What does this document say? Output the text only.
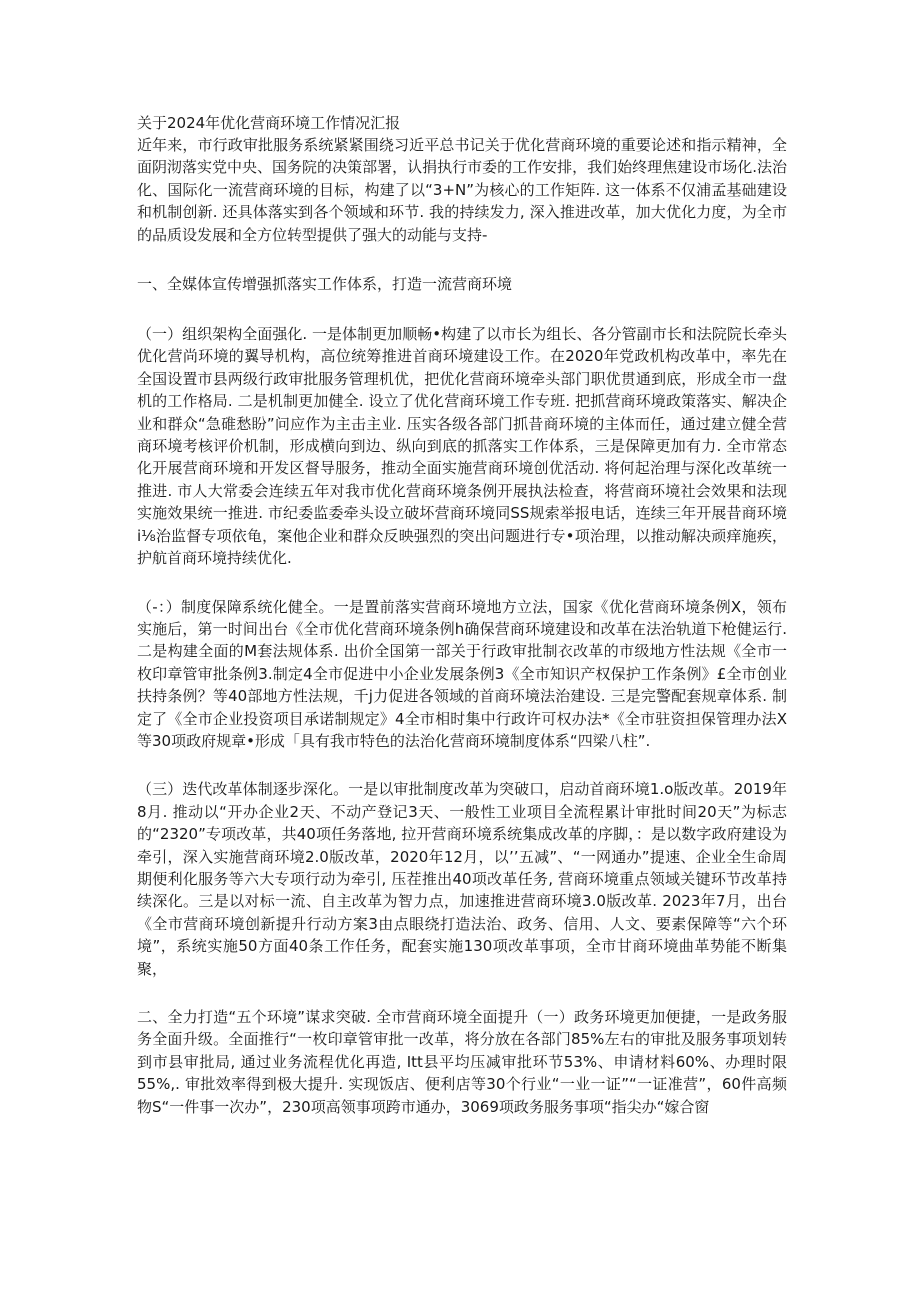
关于2024年优化营商环境工作情况汇报

近年来，市行政审批服务系统紧紧围绕习近平总书记关于优化营商环境的重要论述和指示精神，全面阴沏落实党中央、国务院的决策部署，认捐执行市委的工作安排，我们始终理焦建设市场化.法治化、国际化一流营商环境的目标，构建了以“3+N”为核心的工作矩阵. 这一体系不仅浦孟基础建设和机制创新. 还具体落实到各个领域和环节. 我的持续发力, 深入推进改革，加大优化力度，为全市的品质设发展和全方位转型提供了强大的动能与支持-

一、全媒体宣传增强抓落实工作体系，打造一流营商环境

（一）组织架构全面强化. 一是体制更加顺畅•构建了以市长为组长、各分管副市长和法院院长牵头优化营尚环境的翼导机构，高位统筹推进首商环境建设工作。在2020年党政机构改革中，率先在全国设置市县两级行政审批服务管理机优，把优化营商环境牵头部门职优贯通到底，形成全市一盘机的工作格局. 二是机制更加健全. 设立了优化营商环境工作专班. 把抓营商环境政策落实、解决企业和群众“急碓愁盼”问应作为主击主业. 压实各级各部门抓昔商环境的主体而任，通过建立健全营商环境考核评价机制，形成横向到边、纵向到底的抓落实工作体系，三是保障更加有力. 全市常态化开展营商环境和开发区督导服务，推动全面实施营商环境创优活动. 将何起治理与深化改革统一推进. 市人大常委会连续五年对我市优化营商环境条例开展执法检查，将营商环境社会效果和法现实施效果统一推进. 市纪委监委牵头设立破坏营商环境同SS规索举报电话，连续三年开展昔商环境i⅛治监督专项依龟，案他企业和群众反映强烈的突出问题进行专•项治理，以推动解决顽痒施疾，护航首商环境持续优化.

（-：）制度保障系统化健全。一是置前落实营商环境地方立法，国家《优化营商环境条例X，领布实施后，第一时间出台《全市优化营商环境条例h确保营商环境建设和改革在法治轨道下枪健运行. 二是构建全面的M套法规体系. 出价全国第一部关于行政审批制衣改革的市级地方性法规《全市一枚印章管审批条例3.制定4全市促进中小企业发展条例3《全市知识产权保护工作条例》£全市创业扶持条例？等40部地方性法规，千j力促进各领域的首商环境法治建设. 三是完警配套规章体系. 制定了《全市企业投资项目承诺制规定》4全市相时集中行政许可权办法*《全市驻资担保管理办法X等30项政府规章•形成「具有我市特色的法治化营商环境制度体系“四梁八柱”.

（三）迭代改革体制逐步深化。一是以审批制度改革为突破口，启动首商环境1.o版改革。2019年8月. 推动以“开办企业2天、不动产登记3天、一般性工业项目全流程累计审批时间20天”为标志的“2320”专项改革，共40项任务落地, 拉开营商环境系统集成改革的序脚，：是以数字政府建设为牵引，深入实施营商环境2.0版改革，2020年12月，以’’五减”、“一网通办”提速、企业全生命周期便利化服务等六大专项行动为牵引, 压茬推出40项改革任务, 营商环境重点领域关键环节改革持续深化。三是以对标一流、自主改革为智力点，加速推进营商环境3.0版改革. 2023年7月，出台《全市营商环境创新提升行动方案3由点眼绕打造法治、政务、信用、人文、要素保障等“六个环境”，系统实施50方面40条工作任务，配套实施130项改革事项，全市甘商环境曲革势能不断集聚，

二、全力打造“五个环境”谋求突破. 全市营商环境全面提升（一）政务环境更加便捷，一是政务服务全面升级。全面推行“一枚印章管审批一改革，将分放在各部门85%左右的审批及服务事项划转到市县审批局, 通过业务流程优化再造, Itt县平均压减审批环节53%、申请材料60%、办理时限55%,. 审批效率得到极大提升. 实现饭店、便利店等30个行业“一业一证”“一证准营”，60件高频物S“一件事一次办”，230项高领事项跨市通办，3069项政务服务事项“指尖办“嫁合窗
